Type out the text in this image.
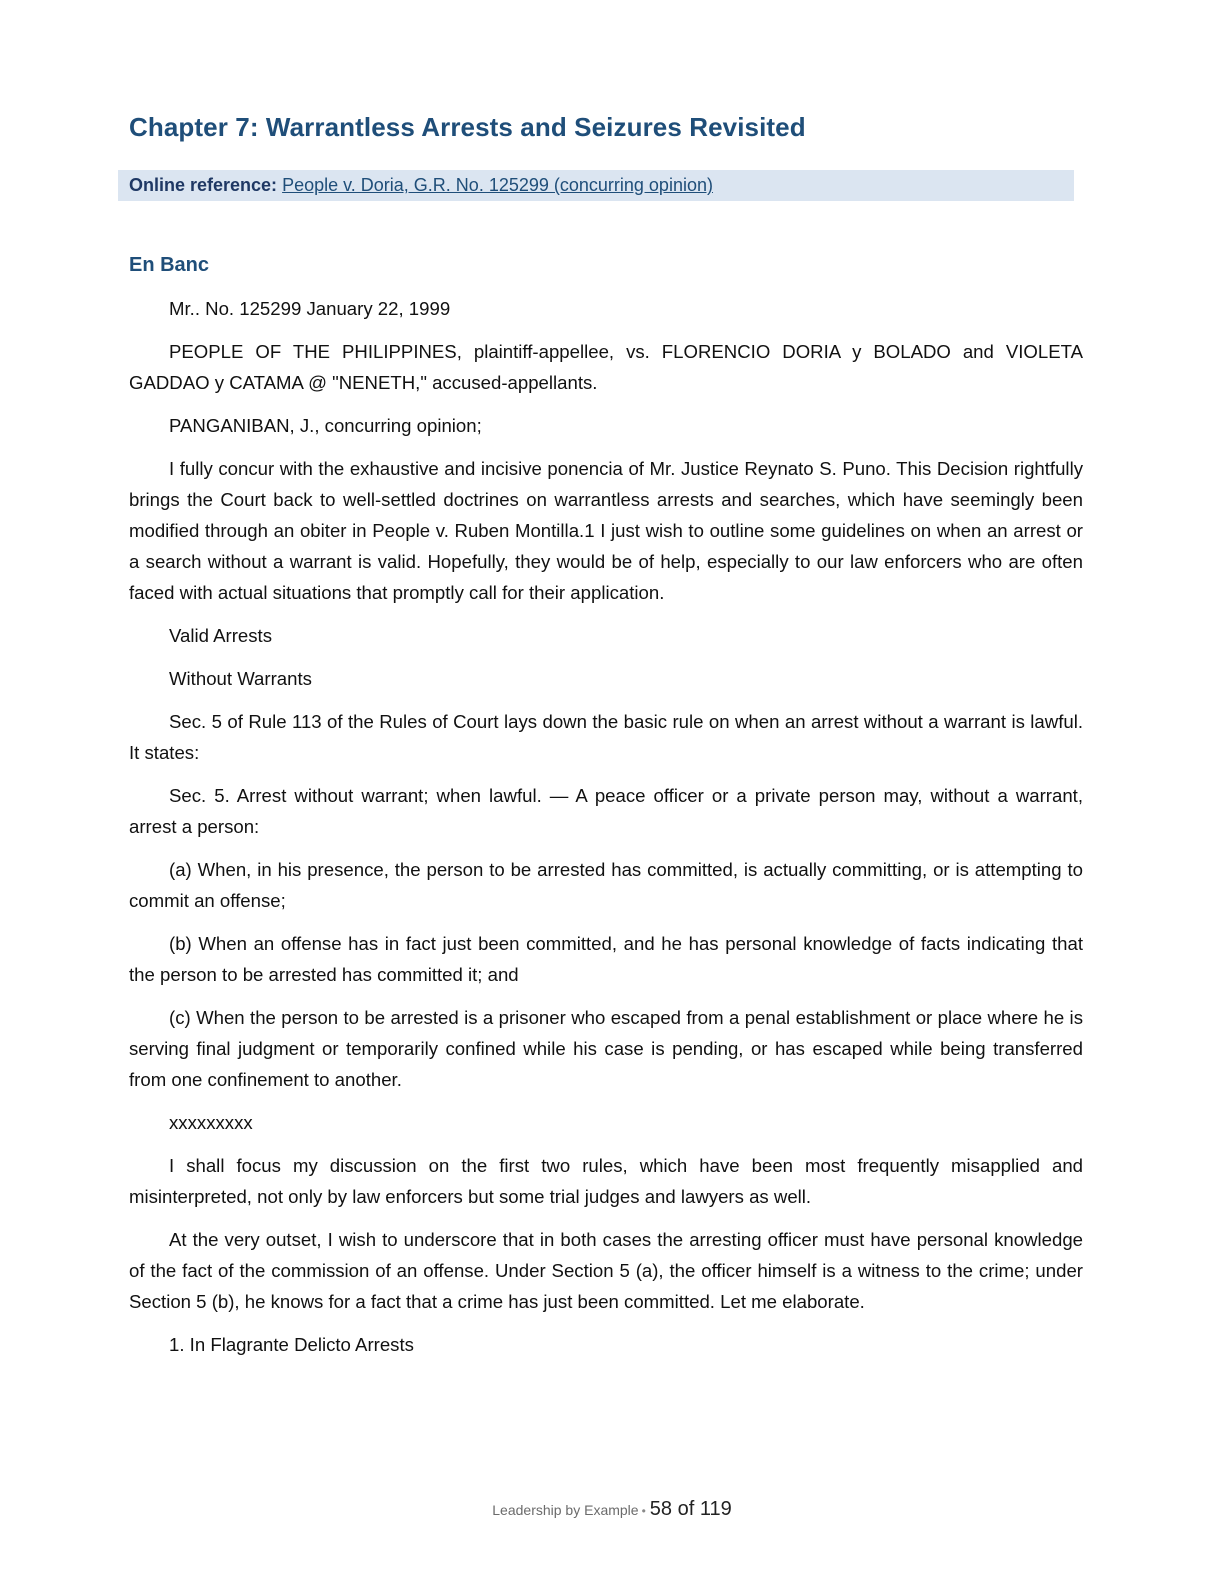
Chapter 7: Warrantless Arrests and Seizures Revisited
Online reference: People v. Doria, G.R. No. 125299 (concurring opinion)
En Banc

Mr.. No. 125299 January 22, 1999

PEOPLE OF THE PHILIPPINES, plaintiff-appellee, vs. FLORENCIO DORIA y BOLADO and VIOLETA GADDAO y CATAMA @ "NENETH," accused-appellants.

PANGANIBAN, J., concurring opinion;

I fully concur with the exhaustive and incisive ponencia of Mr. Justice Reynato S. Puno. This Decision rightfully brings the Court back to well-settled doctrines on warrantless arrests and searches, which have seemingly been modified through an obiter in People v. Ruben Montilla.1 I just wish to outline some guidelines on when an arrest or a search without a warrant is valid. Hopefully, they would be of help, especially to our law enforcers who are often faced with actual situations that promptly call for their application.

Valid Arrests

Without Warrants

Sec. 5 of Rule 113 of the Rules of Court lays down the basic rule on when an arrest without a warrant is lawful. It states:

Sec. 5. Arrest without warrant; when lawful. — A peace officer or a private person may, without a warrant, arrest a person:

(a) When, in his presence, the person to be arrested has committed, is actually committing, or is attempting to commit an offense;

(b) When an offense has in fact just been committed, and he has personal knowledge of facts indicating that the person to be arrested has committed it; and

(c) When the person to be arrested is a prisoner who escaped from a penal establishment or place where he is serving final judgment or temporarily confined while his case is pending, or has escaped while being transferred from one confinement to another.

xxxxxxxxx

I shall focus my discussion on the first two rules, which have been most frequently misapplied and misinterpreted, not only by law enforcers but some trial judges and lawyers as well.

At the very outset, I wish to underscore that in both cases the arresting officer must have personal knowledge of the fact of the commission of an offense. Under Section 5 (a), the officer himself is a witness to the crime; under Section 5 (b), he knows for a fact that a crime has just been committed. Let me elaborate.

1. In Flagrante Delicto Arrests

Leadership by Example • 58 of 119
